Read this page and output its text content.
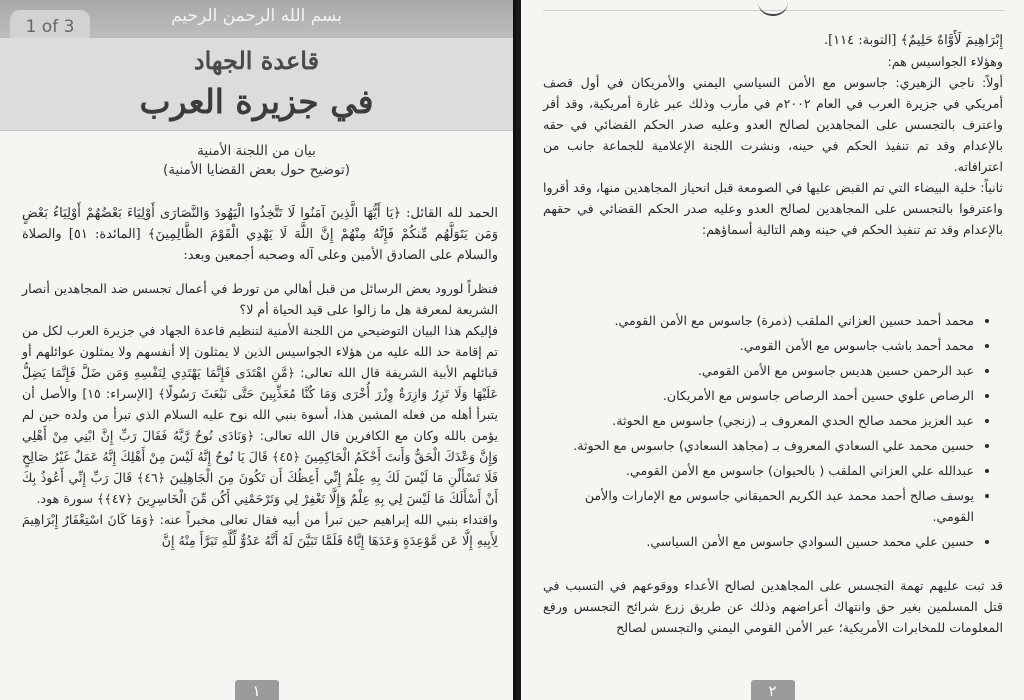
بسم الله الرحمن الرحيم
1 of 3
قاعدة الجهاد
في جزيرة العرب
بيان من اللجنة الأمنية
(توضيح حول بعض القضايا الأمنية)

الحمد لله القائل: ﴿يَا أَيُّهَا الَّذِينَ آمَنُوا لَا تَتَّخِذُوا الْيَهُودَ وَالنَّصَارَى أَوْلِيَاءَ بَعْضُهُمْ أَوْلِيَاءُ بَعْضٍ وَمَن يَتَوَلَّهُم مِّنكُمْ فَإِنَّهُ مِنْهُمْ إِنَّ اللَّهَ لَا يَهْدِي الْقَوْمَ الظَّالِمِينَ﴾ [المائدة: ٥١] والصلاة والسلام على الصادق الأمين وعلى آله وصحبه أجمعين وبعد:

فنظراً لورود بعض الرسائل من قبل أهالي من تورط في أعمال تجسس ضد المجاهدين أنصار الشريعة لمعرفة هل ما زالوا على قيد الحياة أم لا؟

فإليكم هذا البيان التوضيحي من اللجنة الأمنية لتنظيم قاعدة الجهاد في جزيرة العرب لكل من تم إقامة حد الله عليه من هؤلاء الجواسيس الذين لا يمثلون إلا أنفسهم ولا يمثلون عوائلهم أو قبائلهم الأبية الشريفة قال الله تعالى: ﴿مَّنِ اهْتَدَى فَإِنَّمَا يَهْتَدِي لِنَفْسِهِ وَمَن ضَلَّ فَإِنَّمَا يَضِلُّ عَلَيْهَا وَلَا تَزِرُ وَازِرَةٌ وِزْرَ أُخْرَى وَمَا كُنَّا مُعَذِّبِينَ حَتَّى نَبْعَثَ رَسُولًا﴾ [الإسراء: ١٥] والأصل أن يتبرأ أهله من فعله المشين هذا، أسوة بنبي الله نوح عليه السلام الذي تبرأ من ولده حين لم يؤمن بالله وكان مع الكافرين قال الله تعالى: ﴿وَنَادَى نُوحٌ رَّبَّهُ فَقَالَ رَبِّ إِنَّ ابْنِي مِنْ أَهْلِي وَإِنَّ وَعْدَكَ الْحَقُّ وَأَنتَ أَحْكَمُ الْحَاكِمِينَ ﴿٤٥﴾ قَالَ يَا نُوحُ إِنَّهُ لَيْسَ مِنْ أَهْلِكَ إِنَّهُ عَمَلٌ غَيْرُ صَالِحٍ فَلَا تَسْأَلْنِ مَا لَيْسَ لَكَ بِهِ عِلْمٌ إِنِّي أَعِظُكَ أَن تَكُونَ مِنَ الْجَاهِلِينَ ﴿٤٦﴾ قَالَ رَبِّ إِنِّي أَعُوذُ بِكَ أَنْ أَسْأَلَكَ مَا لَيْسَ لِي بِهِ عِلْمٌ وَإِلَّا تَغْفِرْ لِي وَتَرْحَمْنِي أَكُن مِّنَ الْخَاسِرِينَ ﴿٤٧﴾﴾ سورة هود.

واقتداء بنبي الله إبراهيم حين تبرأ من أبيه فقال تعالى مخبراً عنه: ﴿وَمَا كَانَ اسْتِغْفَارُ إِبْرَاهِيمَ لِأَبِيهِ إِلَّا عَن مَّوْعِدَةٍ وَعَدَهَا إِيَّاهُ فَلَمَّا تَبَيَّنَ لَهُ أَنَّهُ عَدُوٌّ لِّلَّهِ تَبَرَّأَ مِنْهُ إِنَّ

١

إِبْرَاهِيمَ لَأَوَّاهٌ حَلِيمٌ﴾ [التوبة: ١١٤].

وهؤلاء الجواسيس هم:

أولاً: ناجي الزهيري: جاسوس مع الأمن السياسي اليمني والأمريكان في أول قصف أمريكي في جزيرة العرب في العام ٢٠٠٢م في مأرب وذلك عبر غارة أمريكية، وقد أقر واعترف بالتجسس على المجاهدين لصالح العدو وعليه صدر الحكم القضائي في حقه بالإعدام وقد تم تنفيذ الحكم في حينه، ونشرت اللجنة الإعلامية للجماعة جانب من اعترافاته.

ثانياً: خلية البيضاء التي تم القبض عليها في الصومعة قبل انحياز المجاهدين منها، وقد أقروا واعترفوا بالتجسس على المجاهدين لصالح العدو وعليه صدر الحكم القضائي في حقهم بالإعدام وقد تم تنفيذ الحكم في حينه وهم التالية أسماؤهم:

• محمد أحمد حسين العزاني الملقب (ذمرة) جاسوس مع الأمن القومي.
• محمد أحمد باشب جاسوس مع الأمن القومي.
• عبد الرحمن حسين هديس جاسوس مع الأمن القومي.
• الرصاص علوي حسين أحمد الرصاص جاسوس مع الأمريكان.
• عبد العزيز محمد صالح الحدي المعروف بـ (زنجي) جاسوس مع الحوثة.
• حسين محمد علي السعادي المعروف بـ (مجاهد السعادي) جاسوس مع الحوثة.
• عبدالله علي العزاني الملقب ( بالحيوان) جاسوس مع الأمن القومي.
• يوسف صالح أحمد محمد عبد الكريم الحميقاني جاسوس مع الإمارات والأمن القومي.
• حسين علي محمد حسين السوادي جاسوس مع الأمن السياسي.

قد ثبت عليهم تهمة التجسس على المجاهدين لصالح الأعداء ووقوعهم في التسبب في قتل المسلمين بغير حق وانتهاك أعراضهم وذلك عن طريق زرع شرائح التجسس ورفع المعلومات للمخابرات الأمريكية؛ عبر الأمن القومي اليمني والتجسس لصالح

٢
